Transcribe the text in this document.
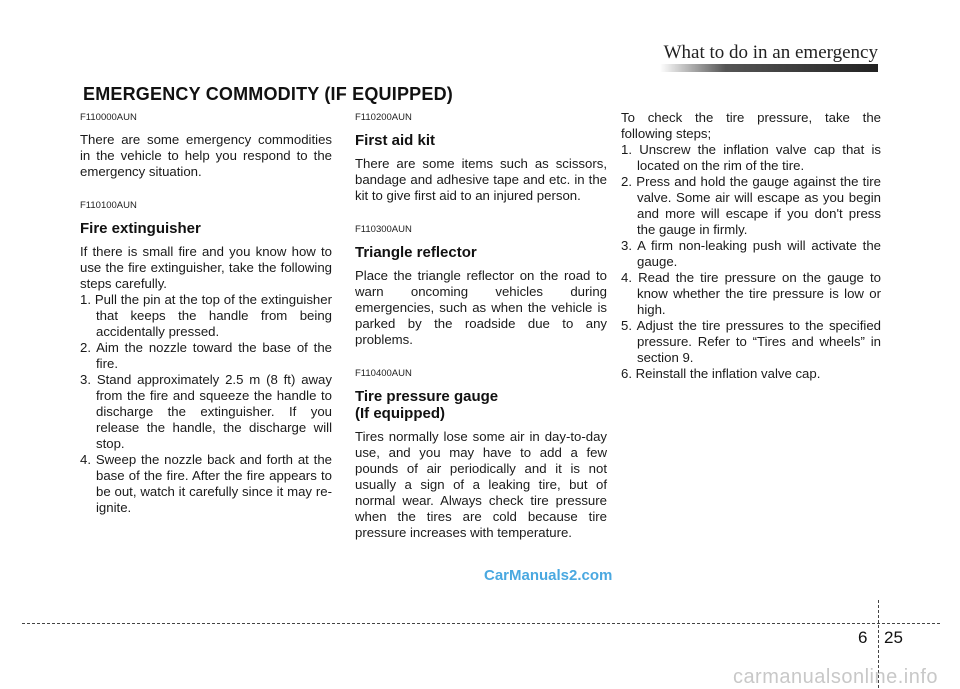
What to do in an emergency
EMERGENCY COMMODITY (IF EQUIPPED)
F110000AUN

There are some emergency commodities in the vehicle to help you respond to the emergency situation.

F110100AUN
Fire extinguisher

If there is small fire and you know how to use the fire extinguisher, take the following steps carefully.

1. Pull the pin at the top of the extinguisher that keeps the handle from being accidentally pressed.
2. Aim the nozzle toward the base of the fire.
3. Stand approximately 2.5 m (8 ft) away from the fire and squeeze the handle to discharge the extinguisher. If you release the handle, the discharge will stop.
4. Sweep the nozzle back and forth at the base of the fire. After the fire appears to be out, watch it carefully since it may re-ignite.
F110200AUN
First aid kit

There are some items such as scissors, bandage and adhesive tape and etc. in the kit to give first aid to an injured person.

F110300AUN
Triangle reflector

Place the triangle reflector on the road to warn oncoming vehicles during emergencies, such as when the vehicle is parked by the roadside due to any problems.

F110400AUN
Tire pressure gauge
(If equipped)

Tires normally lose some air in day-to-day use, and you may have to add a few pounds of air periodically and it is not usually a sign of a leaking tire, but of normal wear. Always check tire pressure when the tires are cold because tire pressure increases with temperature.

To check the tire pressure, take the following steps;

1. Unscrew the inflation valve cap that is located on the rim of the tire.
2. Press and hold the gauge against the tire valve. Some air will escape as you begin and more will escape if you don't press the gauge in firmly.
3. A firm non-leaking push will activate the gauge.
4. Read the tire pressure on the gauge to know whether the tire pressure is low or high.
5. Adjust the tire pressures to the specified pressure. Refer to “Tires and wheels” in section 9.
6. Reinstall the inflation valve cap.
CarManuals2.com
6 25
carmanualsonline.info
